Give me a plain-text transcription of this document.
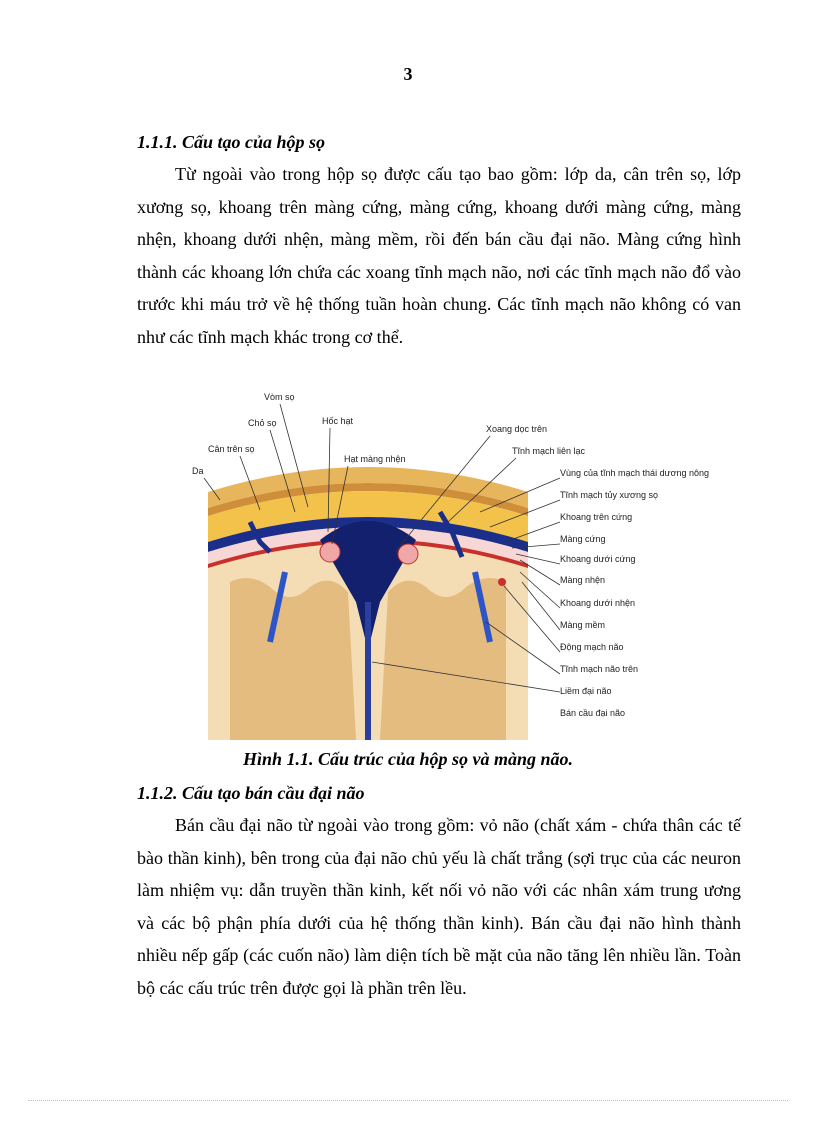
3
1.1.1. Cấu tạo của hộp sọ

Từ ngoài vào trong hộp sọ được cấu tạo bao gồm: lớp da, cân trên sọ, lớp xương sọ, khoang trên màng cứng, màng cứng, khoang dưới màng cứng, màng nhện, khoang dưới nhện, màng mềm, rồi đến bán cầu đại não. Màng cứng hình thành các khoang lớn chứa các xoang tĩnh mạch não, nơi các tĩnh mạch não đổ vào trước khi máu trở về hệ thống tuần hoàn chung. Các tĩnh mạch não không có van như các tĩnh mạch khác trong cơ thể.

Da
Cân trên sọ
Chỏ sọ
Vòm sọ
Hốc hạt
Hạt màng nhện
Xoang dọc trên
Tĩnh mạch liên lạc
Vùng của tĩnh mạch thái dương nông
Tĩnh mạch tủy xương sọ
Khoang trên cứng
Màng cứng
Khoang dưới cứng
Màng nhện
Khoang dưới nhện
Màng mềm
Động mạch não
Tĩnh mạch não trên
Liềm đại não
Bán cầu đại não
Hình 1.1. Cấu trúc của hộp sọ và màng não.
1.1.2. Cấu tạo bán cầu đại não

Bán cầu đại não từ ngoài vào trong gồm: vỏ não (chất xám - chứa thân các tế bào thần kinh), bên trong của đại não chủ yếu là chất trắng (sợi trục của các neuron làm nhiệm vụ: dẫn truyền thần kinh, kết nối vỏ não với các nhân xám trung ương và các bộ phận phía dưới của hệ thống thần kinh). Bán cầu đại não hình thành nhiều nếp gấp (các cuốn não) làm diện tích bề mặt của não tăng lên nhiều lần. Toàn bộ các cấu trúc trên được gọi là phần trên lều.
